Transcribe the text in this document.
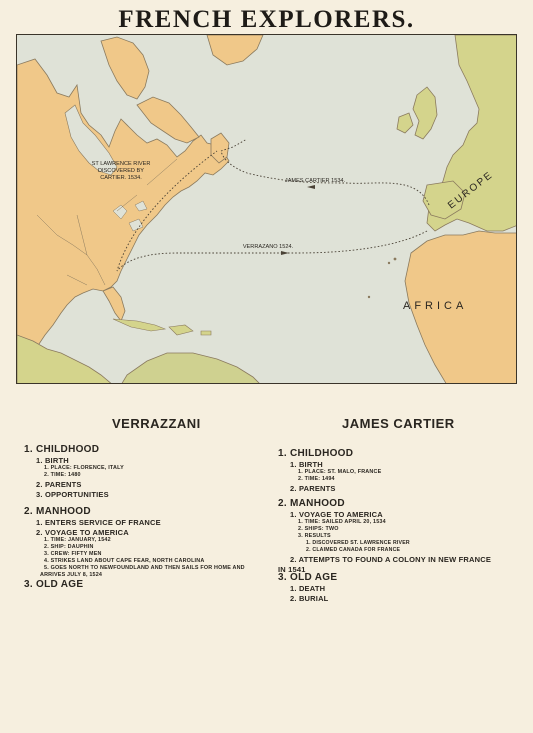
FRENCH EXPLORERS.
ST LAWRENCE RIVER
DISCOVERED BY
CARTIER. 1534.	JAMES CARTIER 1534.
VERRAZANO 1524.
EUROPE
AFRICA
VERRAZZANI

1. CHILDHOOD

1. BIRTH

1. PLACE: FLORENCE, ITALY

2. TIME: 1480

2. PARENTS

3. OPPORTUNITIES

2. MANHOOD

1. ENTERS SERVICE OF FRANCE

2. VOYAGE TO AMERICA

1. TIME: JANUARY, 1542

2. SHIP: DAUPHIN

3. CREW: FIFTY MEN

4. STRIKES LAND ABOUT CAPE FEAR, NORTH CAROLINA

5. GOES NORTH TO NEWFOUNDLAND AND THEN SAILS FOR HOME AND

ARRIVES JULY 8, 1524

3. OLD AGE

JAMES CARTIER

1. CHILDHOOD

1. BIRTH

1. PLACE: ST. MALO, FRANCE

2. TIME: 1494

2. PARENTS

2. MANHOOD

1. VOYAGE TO AMERICA

1. TIME: SAILED APRIL 20, 1534

2. SHIPS: TWO

3. RESULTS

1. DISCOVERED ST. LAWRENCE RIVER

2. CLAIMED CANADA FOR FRANCE

2. ATTEMPTS TO FOUND A COLONY IN NEW FRANCE

IN 1541

3. OLD AGE

1. DEATH

2. BURIAL
